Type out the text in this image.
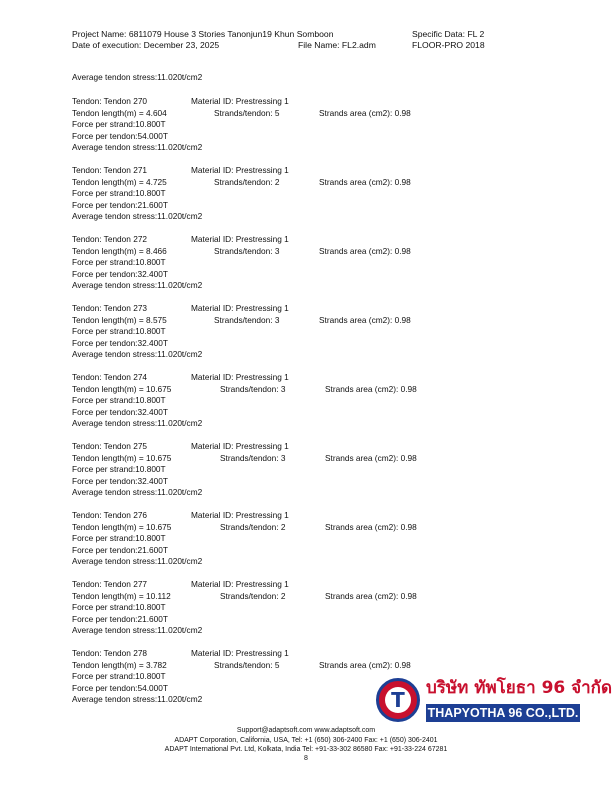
Project Name: 6811079 House 3 Stories Tanonjun19 Khun Somboon	Specific Data: FL 2
Date of execution: December 23, 2025	File Name: FL2.adm	FLOOR-PRO 2018
Average tendon stress:11.020t/cm2
Tendon: Tendon 270	Material ID: Prestressing 1
Tendon length(m) = 4.604	Strands/tendon: 5	Strands area (cm2): 0.98
Force per strand:10.800T
Force per tendon:54.000T
Average tendon stress:11.020t/cm2
Tendon: Tendon 271	Material ID: Prestressing 1
Tendon length(m) = 4.725	Strands/tendon: 2	Strands area (cm2): 0.98
Force per strand:10.800T
Force per tendon:21.600T
Average tendon stress:11.020t/cm2
Tendon: Tendon 272	Material ID: Prestressing 1
Tendon length(m) = 8.466	Strands/tendon: 3	Strands area (cm2): 0.98
Force per strand:10.800T
Force per tendon:32.400T
Average tendon stress:11.020t/cm2
Tendon: Tendon 273	Material ID: Prestressing 1
Tendon length(m) = 8.575	Strands/tendon: 3	Strands area (cm2): 0.98
Force per strand:10.800T
Force per tendon:32.400T
Average tendon stress:11.020t/cm2
Tendon: Tendon 274	Material ID: Prestressing 1
Tendon length(m) = 10.675	Strands/tendon: 3	Strands area (cm2): 0.98
Force per strand:10.800T
Force per tendon:32.400T
Average tendon stress:11.020t/cm2
Tendon: Tendon 275	Material ID: Prestressing 1
Tendon length(m) = 10.675	Strands/tendon: 3	Strands area (cm2): 0.98
Force per strand:10.800T
Force per tendon:32.400T
Average tendon stress:11.020t/cm2
Tendon: Tendon 276	Material ID: Prestressing 1
Tendon length(m) = 10.675	Strands/tendon: 2	Strands area (cm2): 0.98
Force per strand:10.800T
Force per tendon:21.600T
Average tendon stress:11.020t/cm2
Tendon: Tendon 277	Material ID: Prestressing 1
Tendon length(m) = 10.112	Strands/tendon: 2	Strands area (cm2): 0.98
Force per strand:10.800T
Force per tendon:21.600T
Average tendon stress:11.020t/cm2
Tendon: Tendon 278	Material ID: Prestressing 1
Tendon length(m) = 3.782	Strands/tendon: 5	Strands area (cm2): 0.98
Force per strand:10.800T
Force per tendon:54.000T
Average tendon stress:11.020t/cm2	T	บริษัท ทัพโยธา 96 จำกัด
THAPYOTHA 96 CO.,LTD.
Support@adaptsoft.com www.adaptsoft.com
ADAPT Corporation, California, USA, Tel: +1 (650) 306-2400 Fax: +1 (650) 306-2401
ADAPT International Pvt. Ltd, Kolkata, India Tel: +91-33-302 86580 Fax: +91-33-224 67281
8
